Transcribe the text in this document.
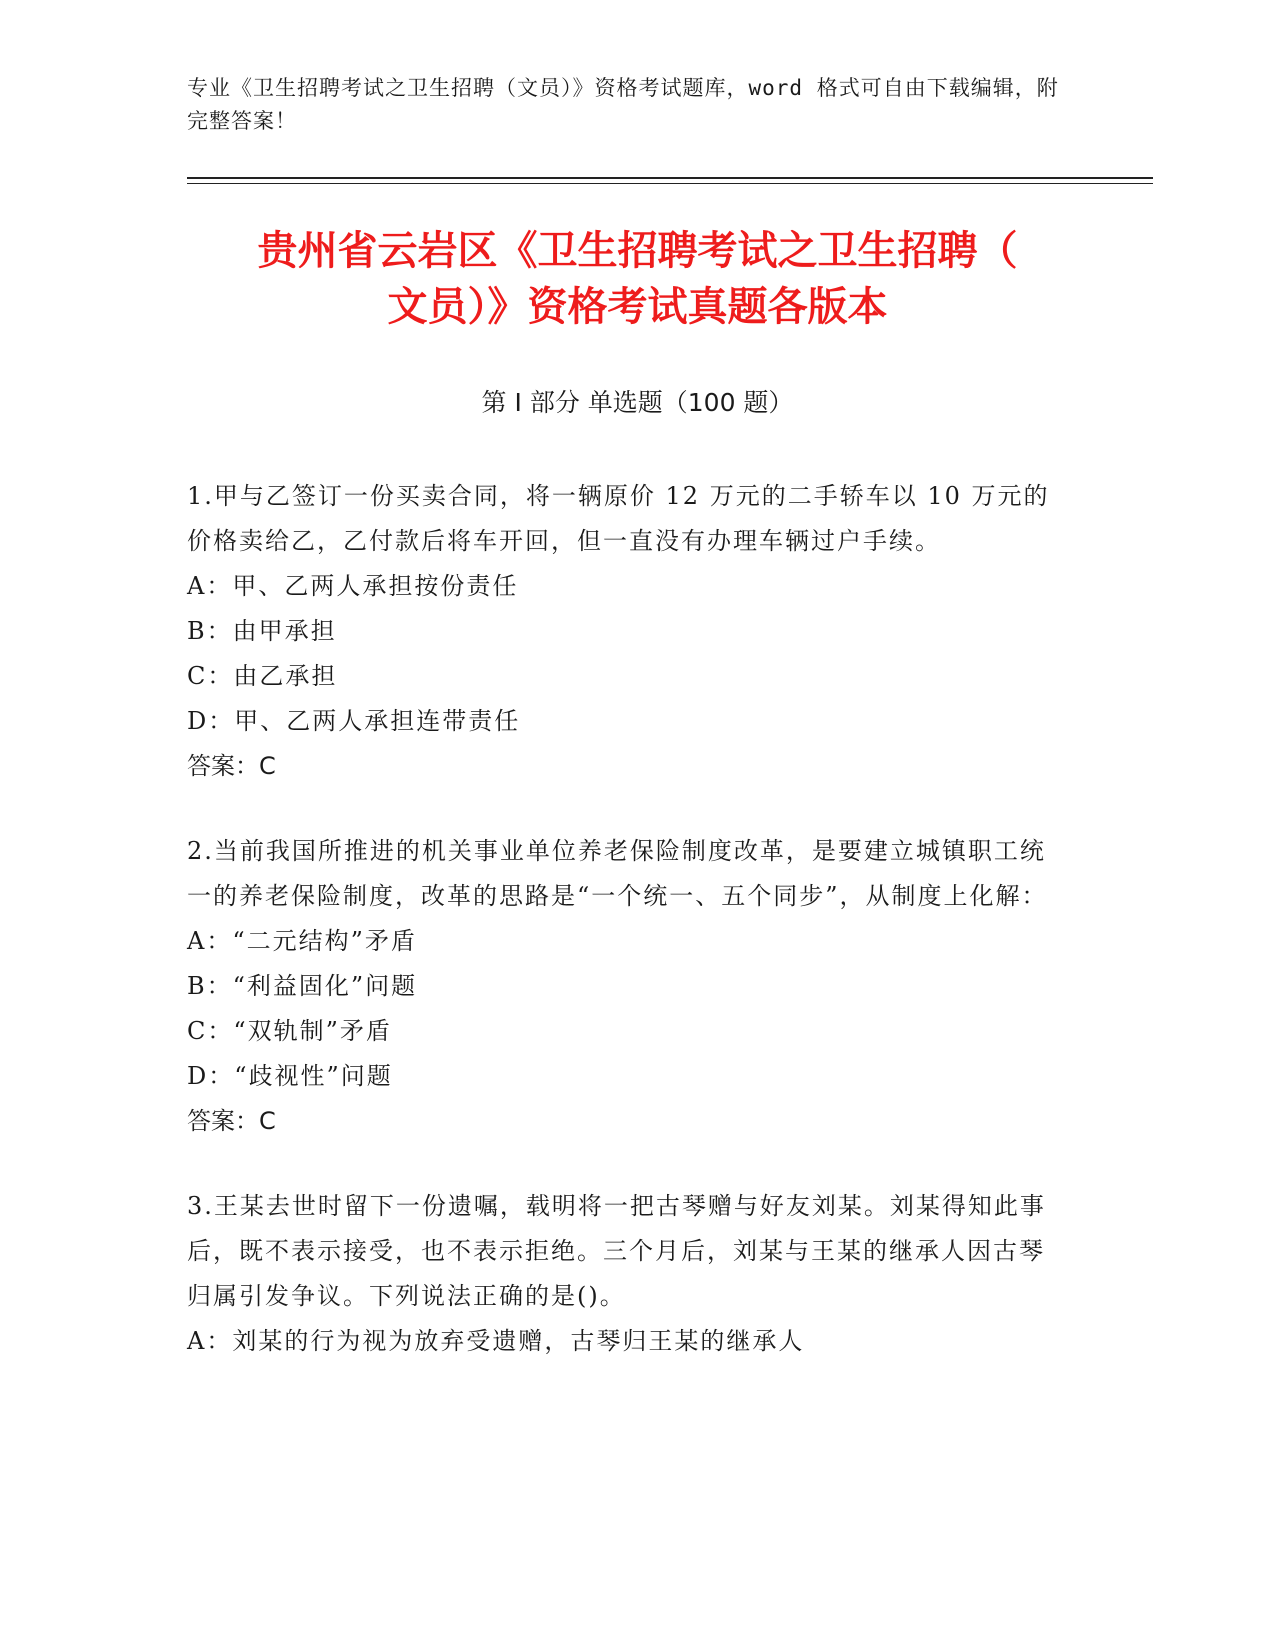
专业《卫生招聘考试之卫生招聘（文员）》资格考试题库，word 格式可自由下载编辑，附完整答案！
贵州省云岩区《卫生招聘考试之卫生招聘（
文员）》资格考试真题各版本
第 I 部分 单选题（100 题）
1.甲与乙签订一份买卖合同，将一辆原价 12 万元的二手轿车以 10 万元的价格卖给乙，乙付款后将车开回，但一直没有办理车辆过户手续。
A：甲、乙两人承担按份责任
B：由甲承担
C：由乙承担
D：甲、乙两人承担连带责任
答案：C
2.当前我国所推进的机关事业单位养老保险制度改革，是要建立城镇职工统一的养老保险制度，改革的思路是“一个统一、五个同步”，从制度上化解：
A：“二元结构”矛盾
B：“利益固化”问题
C：“双轨制”矛盾
D：“歧视性”问题
答案：C
3.王某去世时留下一份遗嘱，载明将一把古琴赠与好友刘某。刘某得知此事后，既不表示接受，也不表示拒绝。三个月后，刘某与王某的继承人因古琴归属引发争议。下列说法正确的是()。
A：刘某的行为视为放弃受遗赠，古琴归王某的继承人
